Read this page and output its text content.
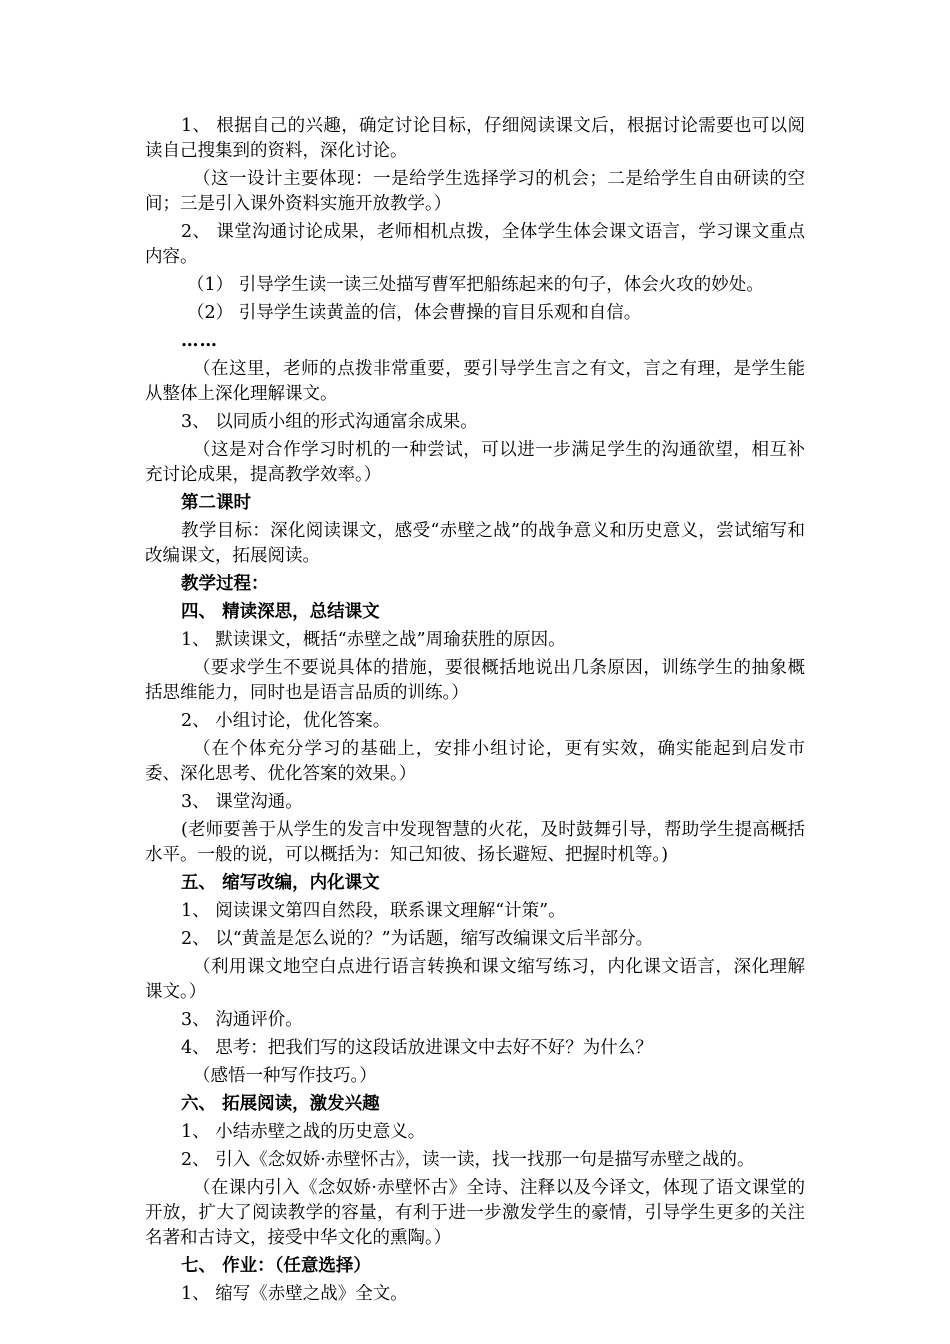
1、 根据自己的兴趣，确定讨论目标，仔细阅读课文后，根据讨论需要也可以阅读自己搜集到的资料，深化讨论。

（这一设计主要体现：一是给学生选择学习的机会；二是给学生自由研读的空间；三是引入课外资料实施开放教学。）

2、 课堂沟通讨论成果，老师相机点拨，全体学生体会课文语言，学习课文重点内容。

（1） 引导学生读一读三处描写曹军把船练起来的句子，体会火攻的妙处。

（2） 引导学生读黄盖的信，体会曹操的盲目乐观和自信。

……

（在这里，老师的点拨非常重要，要引导学生言之有文，言之有理，是学生能从整体上深化理解课文。

3、 以同质小组的形式沟通富余成果。

（这是对合作学习时机的一种尝试，可以进一步满足学生的沟通欲望，相互补充讨论成果，提高教学效率。）

第二课时

教学目标：深化阅读课文，感受“赤壁之战”的战争意义和历史意义，尝试缩写和改编课文，拓展阅读。

教学过程：

四、 精读深思，总结课文

1、 默读课文，概括“赤壁之战”周瑜获胜的原因。

（要求学生不要说具体的措施，要很概括地说出几条原因，训练学生的抽象概括思维能力，同时也是语言品质的训练。）

2、 小组讨论，优化答案。

（在个体充分学习的基础上，安排小组讨论，更有实效，确实能起到启发市委、深化思考、优化答案的效果。）

3、 课堂沟通。

(老师要善于从学生的发言中发现智慧的火花，及时鼓舞引导，帮助学生提高概括水平。一般的说，可以概括为：知己知彼、扬长避短、把握时机等。)

五、 缩写改编，内化课文

1、 阅读课文第四自然段，联系课文理解“计策”。

2、 以“黄盖是怎么说的？”为话题，缩写改编课文后半部分。

（利用课文地空白点进行语言转换和课文缩写练习，内化课文语言，深化理解课文。）

3、 沟通评价。

4、 思考：把我们写的这段话放进课文中去好不好？为什么？

（感悟一种写作技巧。）

六、 拓展阅读，激发兴趣

1、 小结赤壁之战的历史意义。

2、 引入《念奴娇·赤壁怀古》，读一读，找一找那一句是描写赤壁之战的。

（在课内引入《念奴娇·赤壁怀古》全诗、注释以及今译文，体现了语文课堂的开放，扩大了阅读教学的容量，有利于进一步激发学生的豪情，引导学生更多的关注名著和古诗文，接受中华文化的熏陶。）

七、 作业：（任意选择）

1、 缩写《赤壁之战》全文。
